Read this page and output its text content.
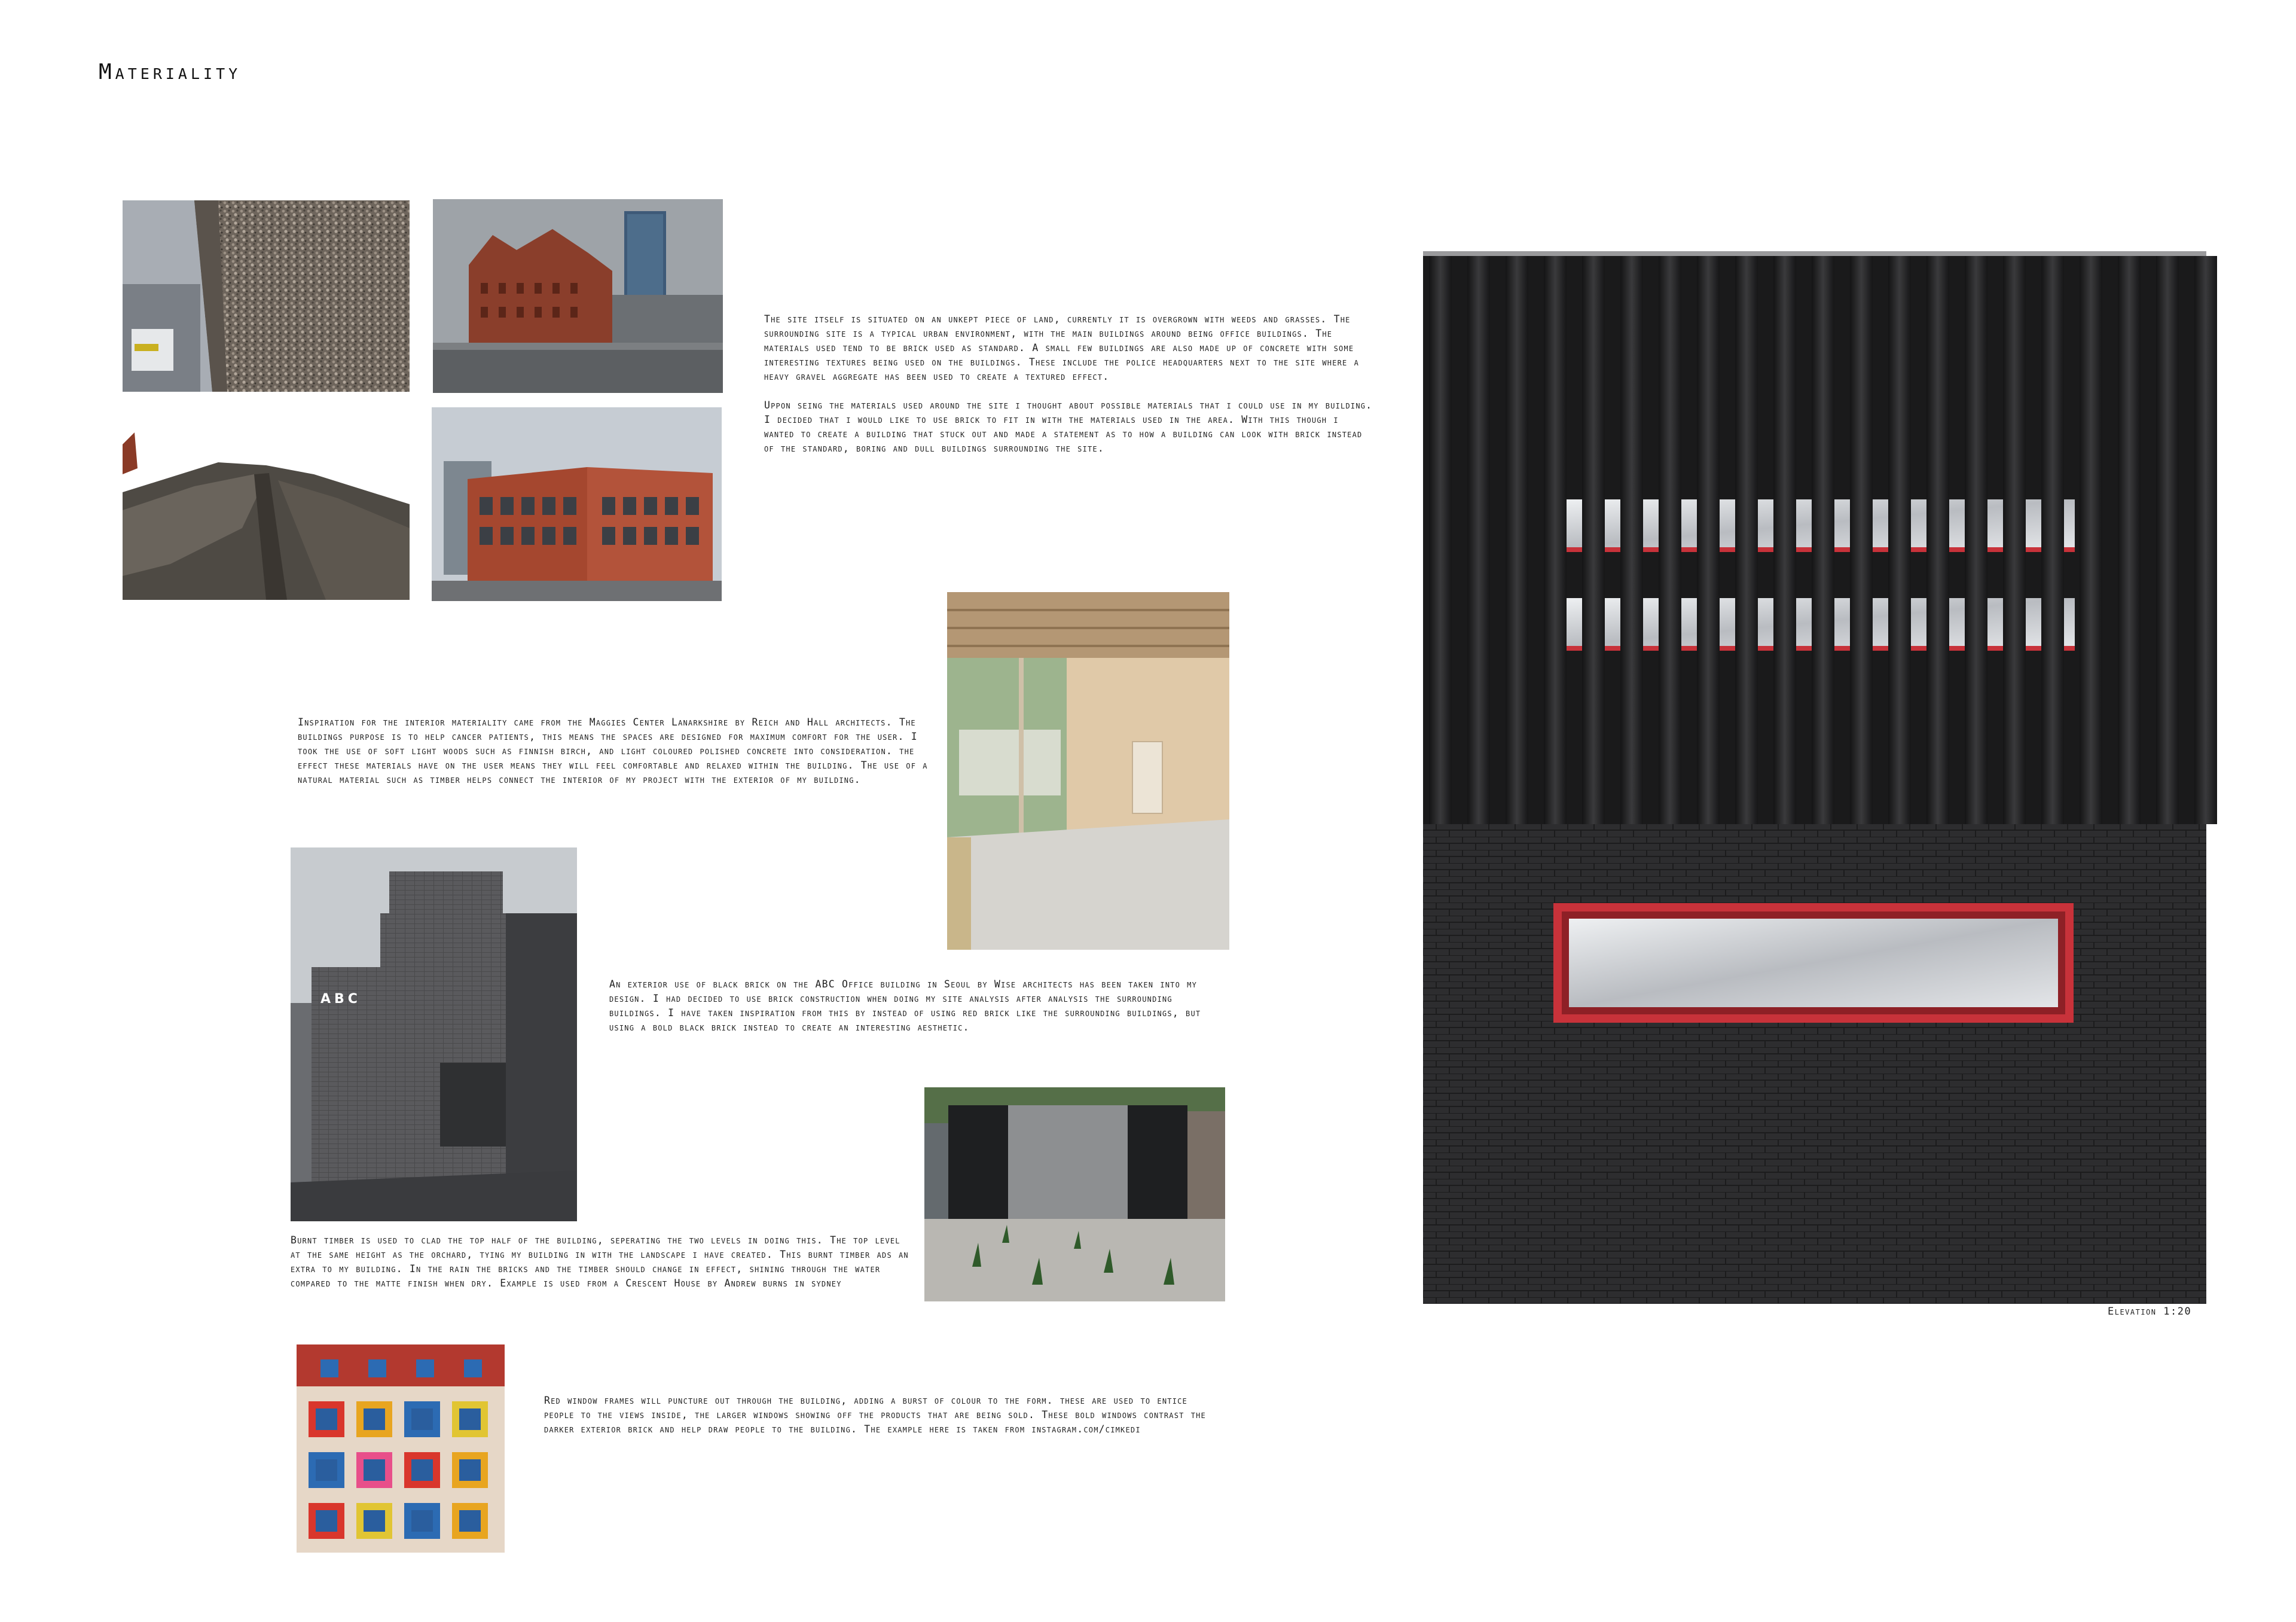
Materiality

The site itself is situated on an unkept piece of land, currently it is overgrown with weeds and grasses. The surrounding site is a typical urban environment, with the main buildings around being office buildings. The materials used tend to be brick used as standard. A small few buildings are also made up of concrete with some interesting textures being used on the buildings. These include the police headquarters next to the site where a heavy gravel aggregate has been used to create a textured effect.

Uppon seing the materials used around the site i thought about possible materials that i could use in my building. I decided that i would like to use brick to fit in with the materials used in the area. With this though i wanted to create a building that stuck out and made a statement as to how a building can look with brick instead of the standard, boring and dull buildings surrounding the site.

Inspiration for the interior materiality came from the Maggies Center Lanarkshire by Reich and Hall architects. The buildings purpose is to help cancer patients, this means the spaces are designed for maximum comfort for the user. I took the use of soft light woods such as finnish birch, and light coloured polished concrete into consideration. the effect these materials have on the user means they will feel comfortable and relaxed within the building. The use of a natural material such as timber helps connect the interior of my project with the exterior of my building.
ABC
An exterior use of black brick on the ABC Office building in Seoul by Wise architects has been taken into my design. I had decided to use brick construction when doing my site analysis after analysis the surrounding buildings. I have taken inspiration from this by instead of using red brick like the surrounding buildings, but using a bold black brick instead to create an interesting aesthetic.
Burnt timber is used to clad the top half of the building, seperating the two levels in doing this. The top level at the same height as the orchard, tying my building in with the landscape i have created. This burnt timber ads an extra to my building. In the rain the bricks and the timber should change in effect, shining through the water compared to the matte finish when dry. Example is used from a Crescent House by Andrew burns in sydney
Red window frames will puncture out through the building, adding a burst of colour to the form. these are used to entice people to the views inside, the larger windows showing off the products that are being sold. These bold windows contrast the darker exterior brick and help draw people to the building. The example here is taken from instagram.com/cimkedi
Elevation 1:20
